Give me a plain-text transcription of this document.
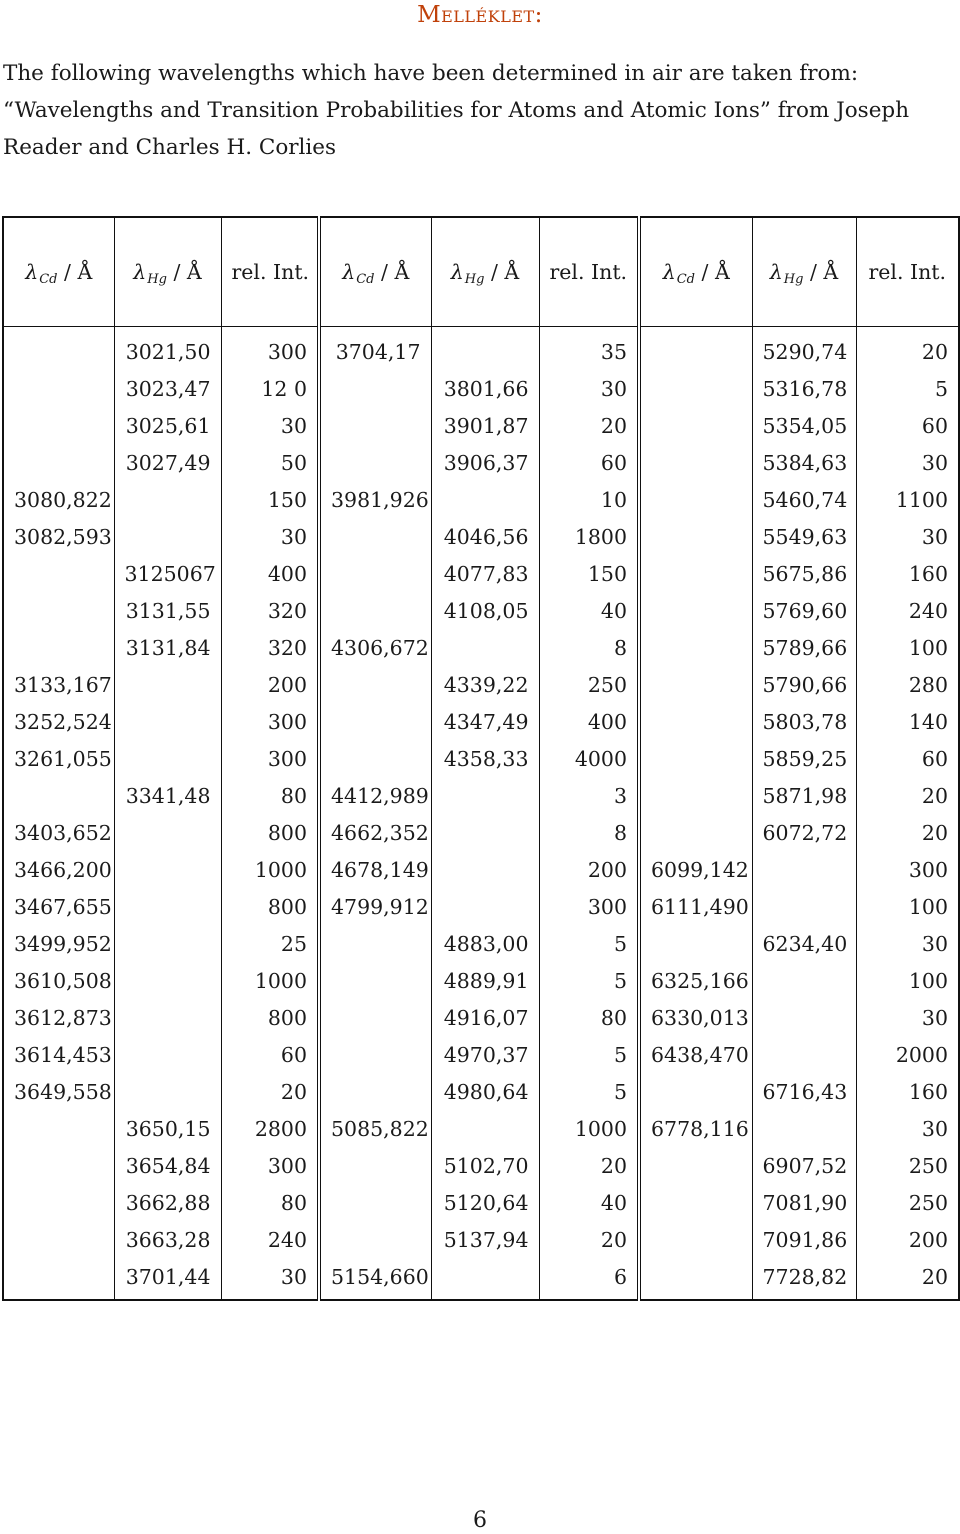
Melléklet:

The following wavelengths which have been determined in air are taken from: “Wavelengths and Transition Probabilities for Atoms and Atomic Ions” from Joseph Reader and Charles H. Corlies

λCd / Å	λHg / Å	rel. Int.	λCd / Å	λHg / Å	rel. Int.	λCd / Å	λHg / Å	rel. Int.
	3021,50	300	3704,17		35		5290,74	20
	3023,47	12 0		3801,66	30		5316,78	5
	3025,61	30		3901,87	20		5354,05	60
	3027,49	50		3906,37	60		5384,63	30
3080,822		150	3981,926		10		5460,74	1100
3082,593		30		4046,56	1800		5549,63	30
	3125067	400		4077,83	150		5675,86	160
	3131,55	320		4108,05	40		5769,60	240
	3131,84	320	4306,672		8		5789,66	100
3133,167		200		4339,22	250		5790,66	280
3252,524		300		4347,49	400		5803,78	140
3261,055		300		4358,33	4000		5859,25	60
	3341,48	80	4412,989		3		5871,98	20
3403,652		800	4662,352		8		6072,72	20
3466,200		1000	4678,149		200	6099,142		300
3467,655		800	4799,912		300	6111,490		100
3499,952		25		4883,00	5		6234,40	30
3610,508		1000		4889,91	5	6325,166		100
3612,873		800		4916,07	80	6330,013		30
3614,453		60		4970,37	5	6438,470		2000
3649,558		20		4980,64	5		6716,43	160
	3650,15	2800	5085,822		1000	6778,116		30
	3654,84	300		5102,70	20		6907,52	250
	3662,88	80		5120,64	40		7081,90	250
	3663,28	240		5137,94	20		7091,86	200
	3701,44	30	5154,660		6		7728,82	20
6
